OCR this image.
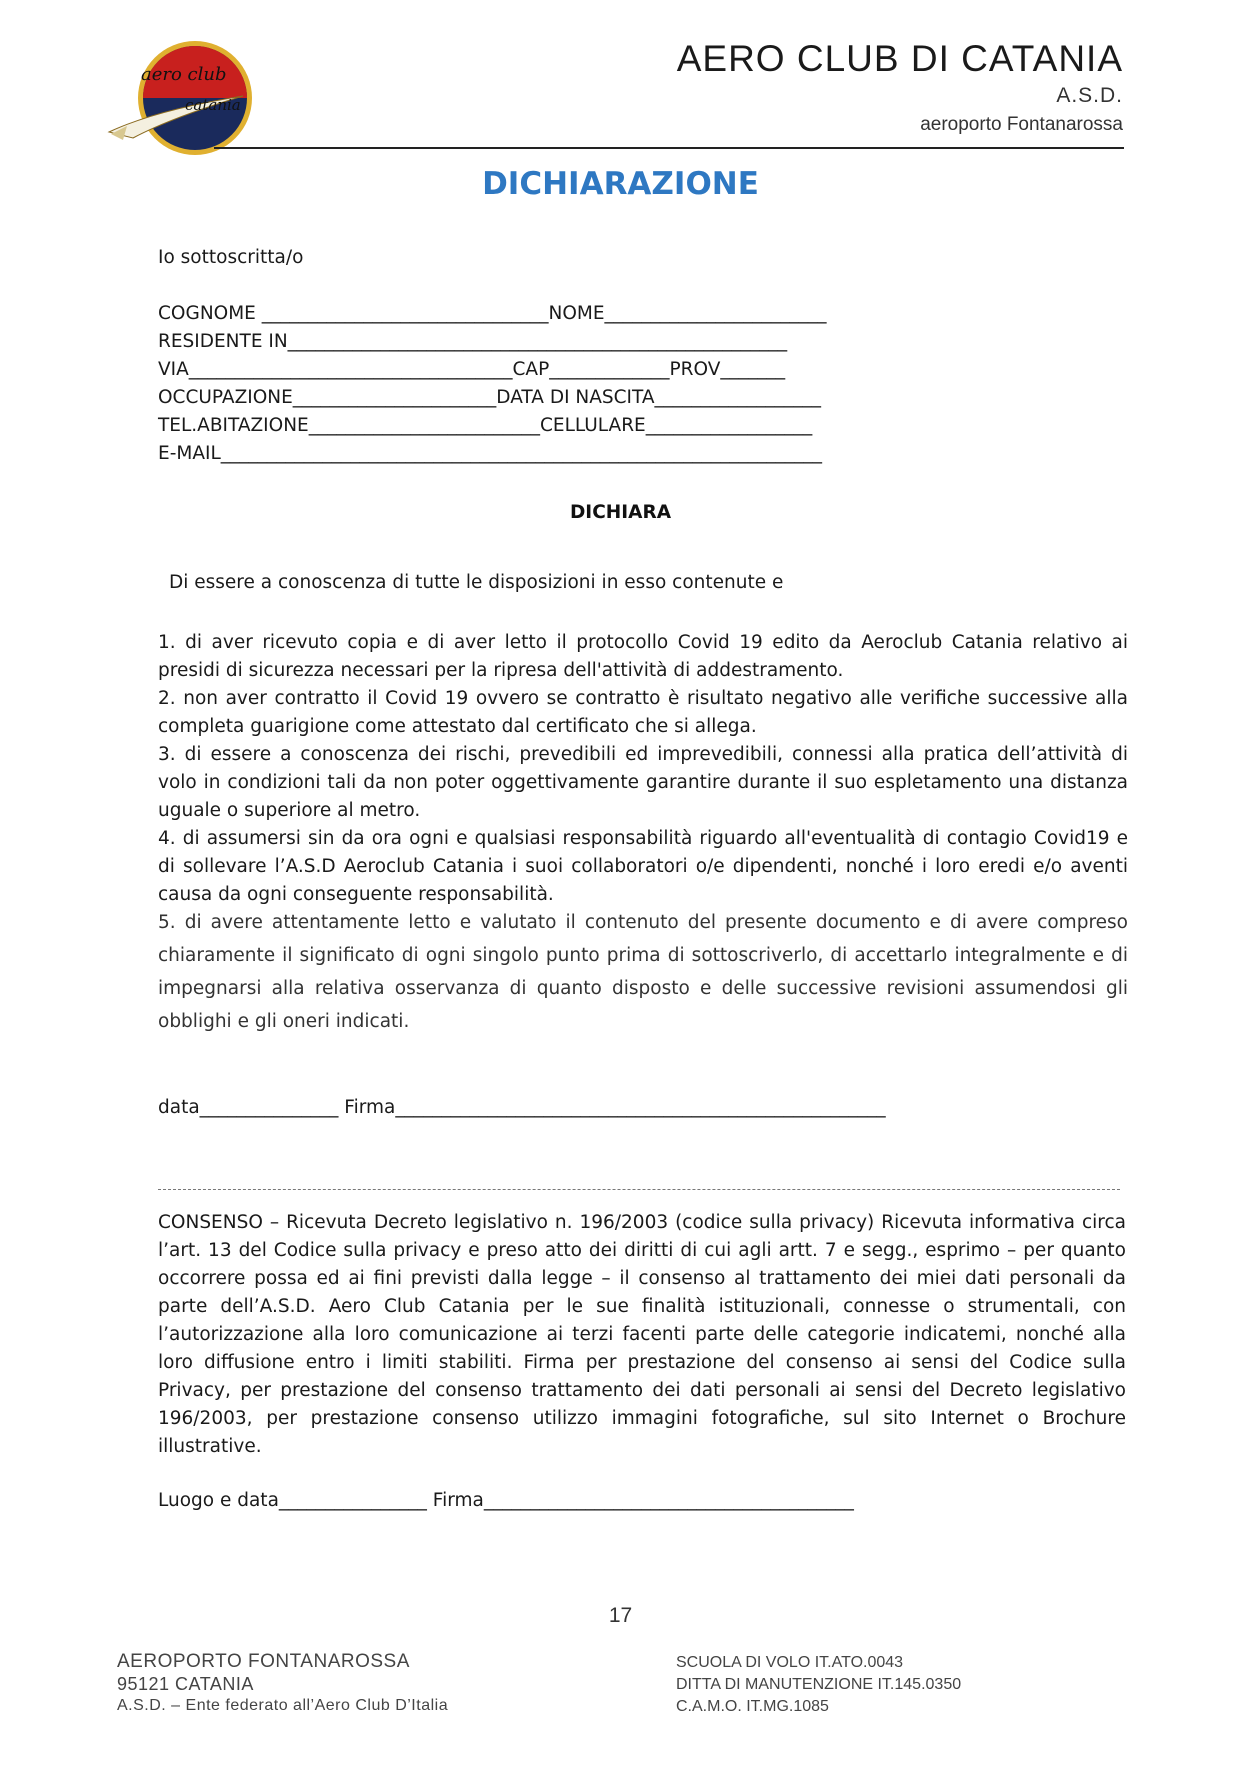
aero club
catania
AERO CLUB DI CATANIA
A.S.D.
aeroporto Fontanarossa
DICHIARAZIONE
Io sottoscritta/o
COGNOME _______________________________NOME________________________
RESIDENTE IN______________________________________________________
VIA___________________________________CAP_____________PROV_______
OCCUPAZIONE______________________DATA DI NASCITA__________________
TEL.ABITAZIONE_________________________CELLULARE__________________
E-MAIL_________________________________________________________________
DICHIARA
Di essere a conoscenza di tutte le disposizioni in esso contenute e
1. di aver ricevuto copia e di aver letto il protocollo Covid 19 edito da Aeroclub Catania relativo ai presidi di sicurezza necessari per la ripresa dell'attività di addestramento.
2. non aver contratto il Covid 19 ovvero se contratto è risultato negativo alle verifiche successive alla completa guarigione come attestato dal certificato che si allega.
3. di essere a conoscenza dei rischi, prevedibili ed imprevedibili, connessi alla pratica dell’attività di volo in condizioni tali da non poter oggettivamente garantire durante il suo espletamento una distanza uguale o superiore al metro.
4. di assumersi sin da ora ogni e qualsiasi responsabilità riguardo all'eventualità di contagio Covid19 e di sollevare l’A.S.D Aeroclub Catania i suoi collaboratori o/e dipendenti, nonché i loro eredi e/o aventi causa da ogni conseguente responsabilità.
5. di avere attentamente letto e valutato il contenuto del presente documento e di avere compreso chiaramente il significato di ogni singolo punto prima di sottoscriverlo, di accettarlo integralmente e di impegnarsi alla relativa osservanza di quanto disposto e delle successive revisioni assumendosi gli obblighi e gli oneri indicati.
data_______________ Firma_____________________________________________________
CONSENSO – Ricevuta Decreto legislativo n. 196/2003 (codice sulla privacy) Ricevuta informativa circa l’art. 13 del Codice sulla privacy e preso atto dei diritti di cui agli artt. 7 e segg., esprimo – per quanto occorrere possa ed ai fini previsti dalla legge – il consenso al trattamento dei miei dati personali da parte dell’A.S.D. Aero Club Catania per le sue finalità istituzionali, connesse o strumentali, con l’autorizzazione alla loro comunicazione ai terzi facenti parte delle categorie indicatemi, nonché alla loro diffusione entro i limiti stabiliti. Firma per prestazione del consenso ai sensi del Codice sulla Privacy, per prestazione del consenso trattamento dei dati personali ai sensi del Decreto legislativo 196/2003, per prestazione consenso utilizzo immagini fotografiche, sul sito Internet o Brochure illustrative.
Luogo e data________________ Firma________________________________________
17
AEROPORTO FONTANAROSSA
95121 CATANIA
A.S.D. – Ente federato all’Aero Club D’Italia
SCUOLA DI VOLO IT.ATO.0043
DITTA DI MANUTENZIONE IT.145.0350
C.A.M.O. IT.MG.1085
